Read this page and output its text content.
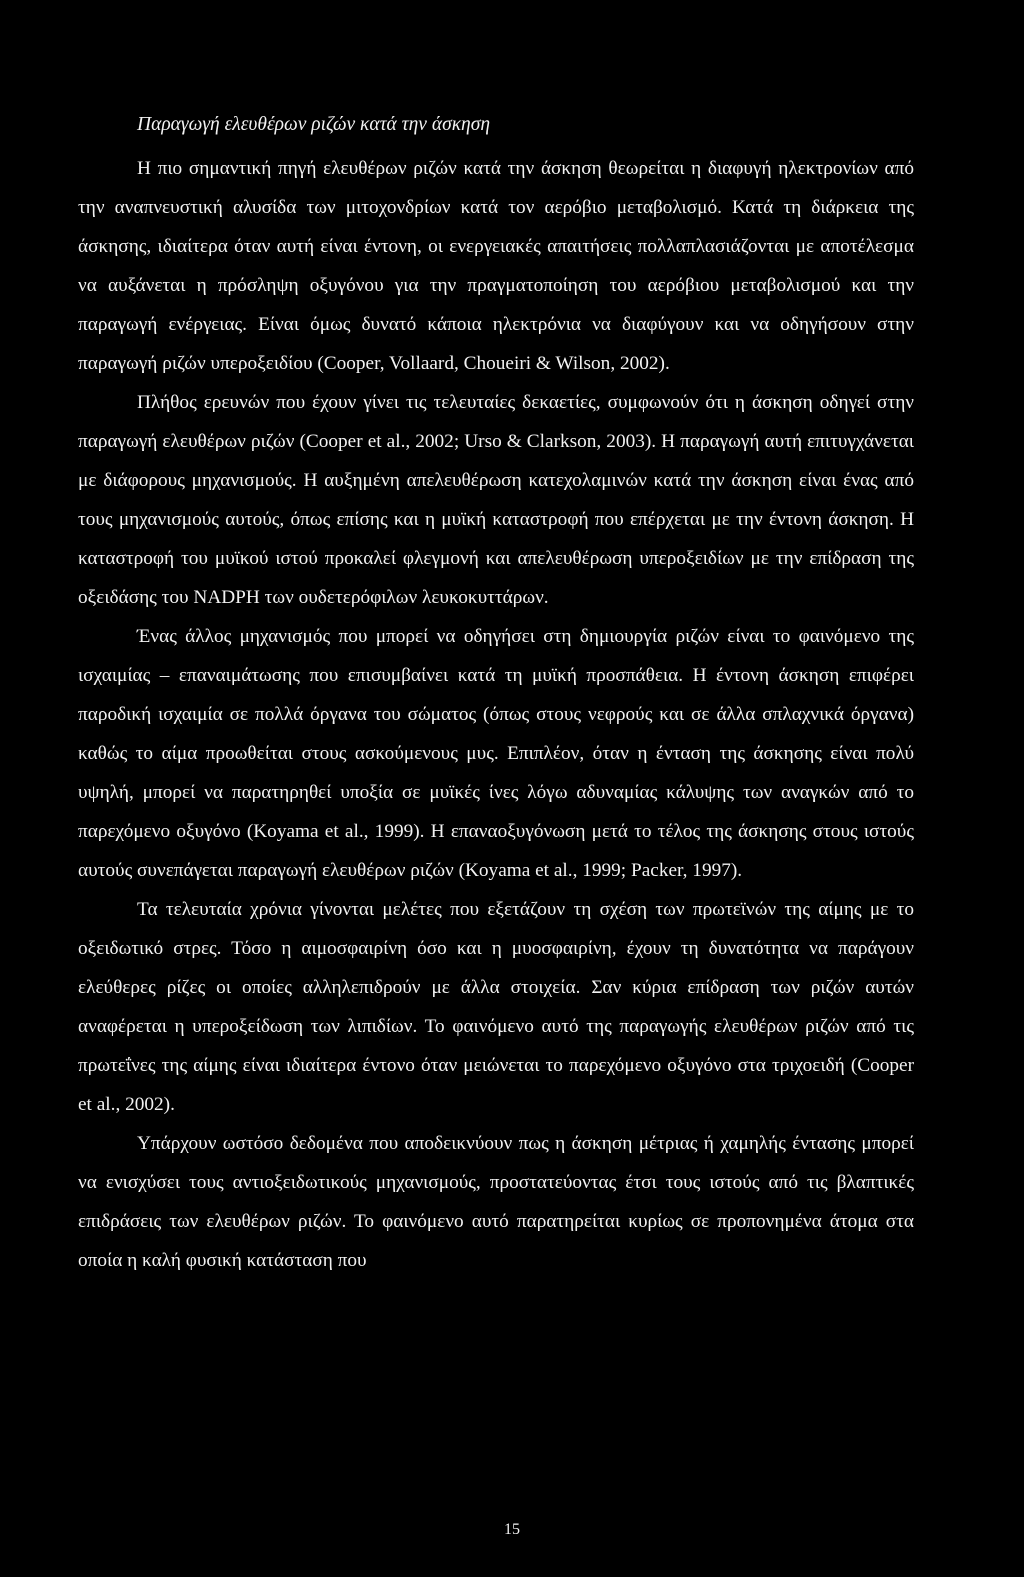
Παραγωγή ελευθέρων ριζών κατά την άσκηση

Η πιο σημαντική πηγή ελευθέρων ριζών κατά την άσκηση θεωρείται η διαφυγή ηλεκτρονίων από την αναπνευστική αλυσίδα των μιτοχονδρίων κατά τον αερόβιο μεταβολισμό. Κατά τη διάρκεια της άσκησης, ιδιαίτερα όταν αυτή είναι έντονη, οι ενεργειακές απαιτήσεις πολλαπλασιάζονται με αποτέλεσμα να αυξάνεται η πρόσληψη οξυγόνου για την πραγματοποίηση του αερόβιου μεταβολισμού και την παραγωγή ενέργειας. Είναι όμως δυνατό κάποια ηλεκτρόνια να διαφύγουν και να οδηγήσουν στην παραγωγή ριζών υπεροξειδίου (Cooper, Vollaard, Choueiri & Wilson, 2002).

Πλήθος ερευνών που έχουν γίνει τις τελευταίες δεκαετίες, συμφωνούν ότι η άσκηση οδηγεί στην παραγωγή ελευθέρων ριζών (Cooper et al., 2002; Urso & Clarkson, 2003). Η παραγωγή αυτή επιτυγχάνεται με διάφορους μηχανισμούς. Η αυξημένη απελευθέρωση κατεχολαμινών κατά την άσκηση είναι ένας από τους μηχανισμούς αυτούς, όπως επίσης και η μυϊκή καταστροφή που επέρχεται με την έντονη άσκηση. Η καταστροφή του μυϊκού ιστού προκαλεί φλεγμονή και απελευθέρωση υπεροξειδίων με την επίδραση της οξειδάσης του NADPH των ουδετερόφιλων λευκοκυττάρων.

Ένας άλλος μηχανισμός που μπορεί να οδηγήσει στη δημιουργία ριζών είναι το φαινόμενο της ισχαιμίας – επαναιμάτωσης που επισυμβαίνει κατά τη μυϊκή προσπάθεια. Η έντονη άσκηση επιφέρει παροδική ισχαιμία σε πολλά όργανα του σώματος (όπως στους νεφρούς και σε άλλα σπλαχνικά όργανα) καθώς το αίμα προωθείται στους ασκούμενους μυς. Επιπλέον, όταν η ένταση της άσκησης είναι πολύ υψηλή, μπορεί να παρατηρηθεί υποξία σε μυϊκές ίνες λόγω αδυναμίας κάλυψης των αναγκών από το παρεχόμενο οξυγόνο (Koyama et al., 1999). Η επαναοξυγόνωση μετά το τέλος της άσκησης στους ιστούς αυτούς συνεπάγεται παραγωγή ελευθέρων ριζών (Koyama et al., 1999; Packer, 1997).

Τα τελευταία χρόνια γίνονται μελέτες που εξετάζουν τη σχέση των πρωτεϊνών της αίμης με το οξειδωτικό στρες. Τόσο η αιμοσφαιρίνη όσο και η μυοσφαιρίνη, έχουν τη δυνατότητα να παράγουν ελεύθερες ρίζες οι οποίες αλληλεπιδρούν με άλλα στοιχεία. Σαν κύρια επίδραση των ριζών αυτών αναφέρεται η υπεροξείδωση των λιπιδίων. Το φαινόμενο αυτό της παραγωγής ελευθέρων ριζών από τις πρωτεΐνες της αίμης είναι ιδιαίτερα έντονο όταν μειώνεται το παρεχόμενο οξυγόνο στα τριχοειδή (Cooper et al., 2002).

Υπάρχουν ωστόσο δεδομένα που αποδεικνύουν πως η άσκηση μέτριας ή χαμηλής έντασης μπορεί να ενισχύσει τους αντιοξειδωτικούς μηχανισμούς, προστατεύοντας έτσι τους ιστούς από τις βλαπτικές επιδράσεις των ελευθέρων ριζών. Το φαινόμενο αυτό παρατηρείται κυρίως σε προπονημένα άτομα στα οποία η καλή φυσική κατάσταση που

15
